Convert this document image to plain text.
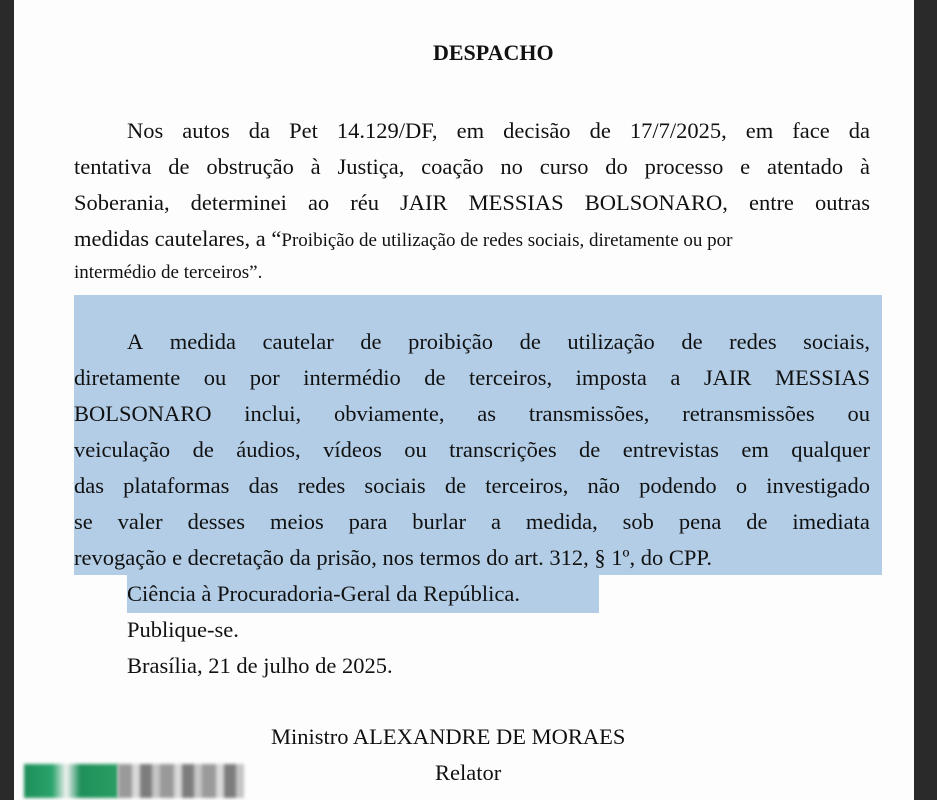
DESPACHO
Nos autos da Pet 14.129/DF, em decisão de 17/7/2025, em face da
tentativa de obstrução à Justiça, coação no curso do processo e atentado à
Soberania, determinei ao réu JAIR MESSIAS BOLSONARO, entre outras
medidas cautelares, a “Proibição de utilização de redes sociais, diretamente ou por
intermédio de terceiros”.
A medida cautelar de proibição de utilização de redes sociais,
diretamente ou por intermédio de terceiros, imposta a JAIR MESSIAS
BOLSONARO inclui, obviamente, as transmissões, retransmissões ou
veiculação de áudios, vídeos ou transcrições de entrevistas em qualquer
das plataformas das redes sociais de terceiros, não podendo o investigado
se valer desses meios para burlar a medida, sob pena de imediata
revogação e decretação da prisão, nos termos do art. 312, § 1º, do CPP.
Ciência à Procuradoria-Geral da República.
Publique-se.
Brasília, 21 de julho de 2025.
Ministro ALEXANDRE DE MORAES
Relator
